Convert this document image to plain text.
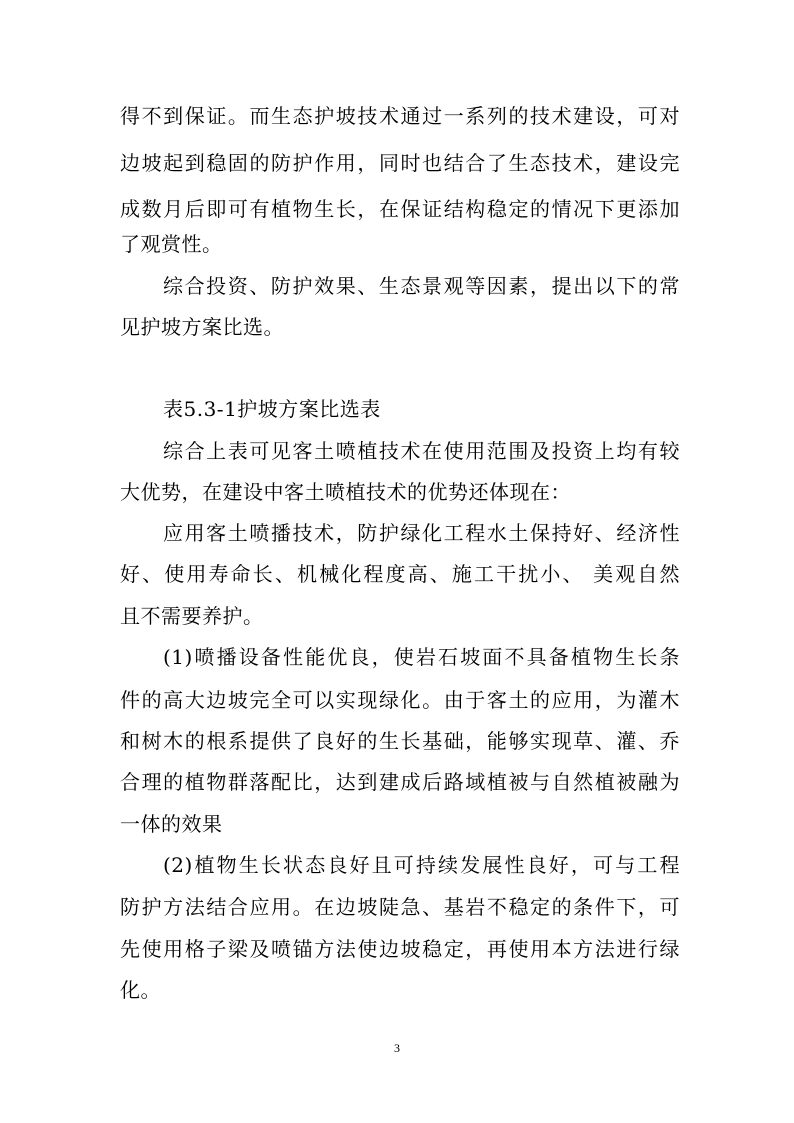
得不到保证。而生态护坡技术通过一系列的技术建设，可对
边坡起到稳固的防护作用，同时也结合了生态技术，建设完
成数月后即可有植物生长，在保证结构稳定的情况下更添加
了观赏性。
综合投资、防护效果、生态景观等因素，提出以下的常
见护坡方案比选。
表5.3-1护坡方案比选表
综合上表可见客土喷植技术在使用范围及投资上均有较
大优势，在建设中客土喷植技术的优势还体现在：
应用客土喷播技术，防护绿化工程水土保持好、经济性
好、使用寿命长、机械化程度高、施工干扰小、 美观自然
且不需要养护。
(1)喷播设备性能优良，使岩石坡面不具备植物生长条
件的高大边坡完全可以实现绿化。由于客土的应用，为灌木
和树木的根系提供了良好的生长基础，能够实现草、灌、乔
合理的植物群落配比，达到建成后路域植被与自然植被融为
一体的效果
(2)植物生长状态良好且可持续发展性良好，可与工程
防护方法结合应用。在边坡陡急、基岩不稳定的条件下，可
先使用格子梁及喷锚方法使边坡稳定，再使用本方法进行绿
化。
3
